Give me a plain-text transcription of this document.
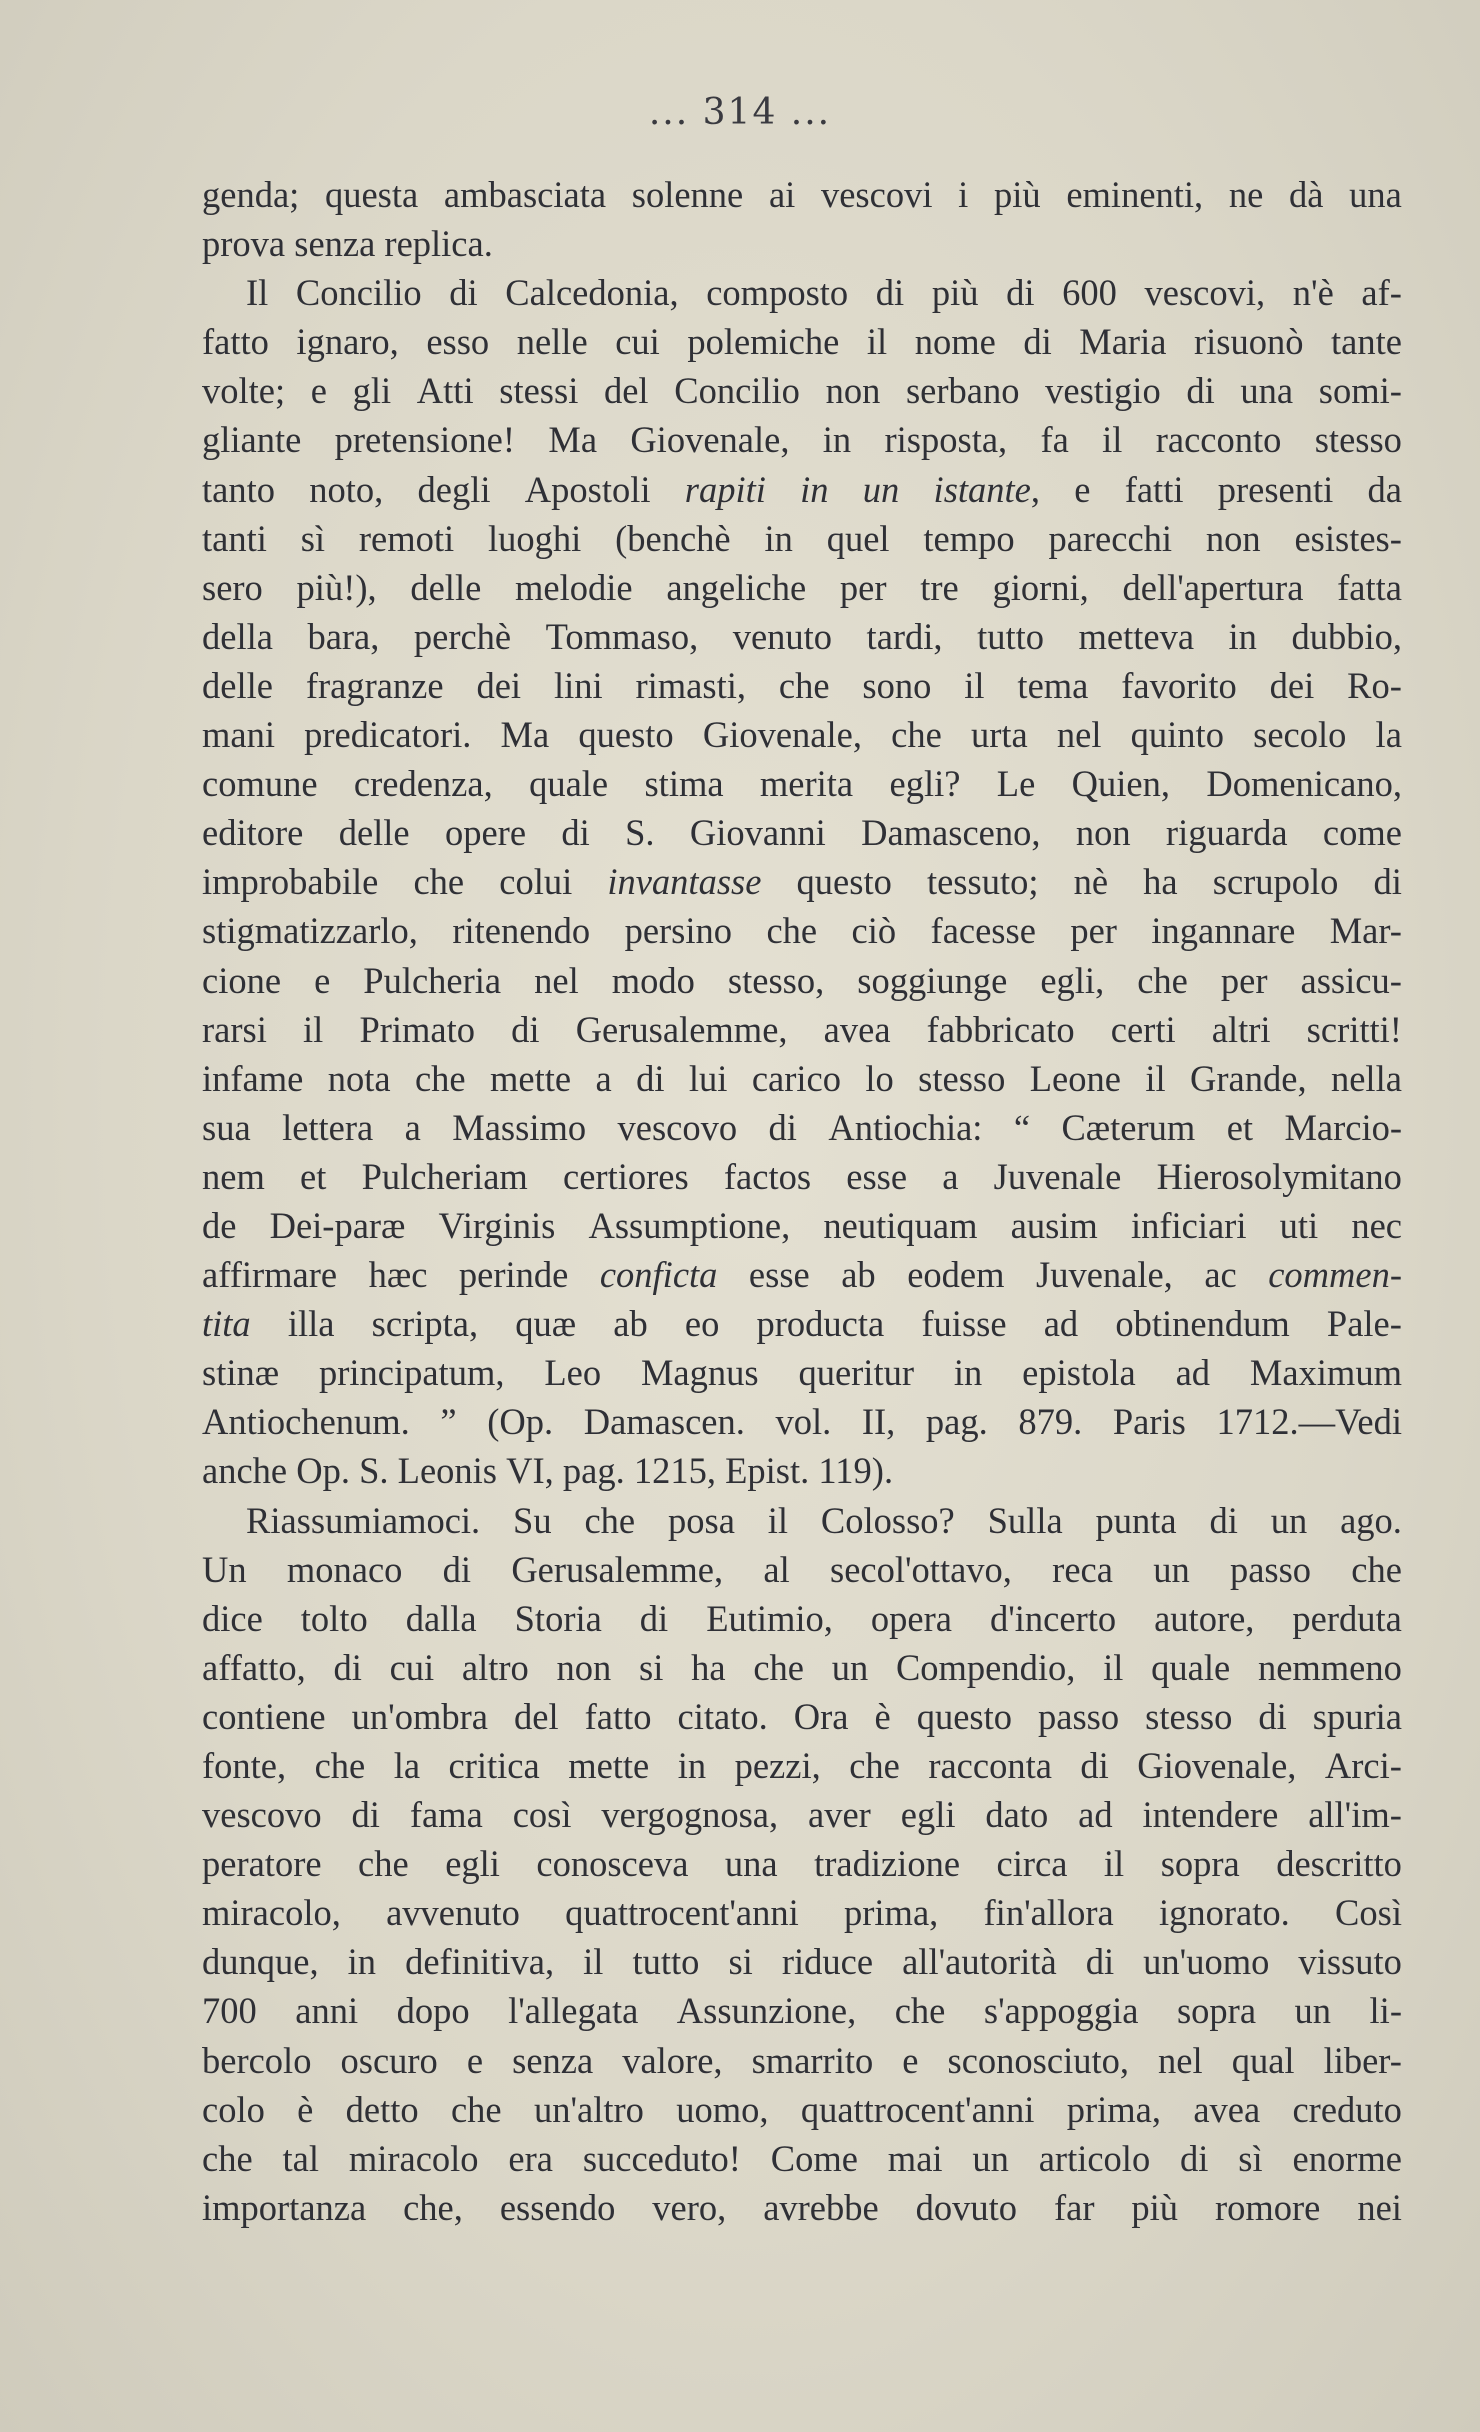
... 314 ...
genda; questa ambasciata solenne ai vescovi i più eminenti, ne dà una
prova senza replica.
Il Concilio di Calcedonia, composto di più di 600 vescovi, n'è af-
fatto ignaro, esso nelle cui polemiche il nome di Maria risuonò tante
volte; e gli Atti stessi del Concilio non serbano vestigio di una somi-
gliante pretensione! Ma Giovenale, in risposta, fa il racconto stesso
tanto noto, degli Apostoli rapiti in un istante, e fatti presenti da
tanti sì remoti luoghi (benchè in quel tempo parecchi non esistes-
sero più!), delle melodie angeliche per tre giorni, dell'apertura fatta
della bara, perchè Tommaso, venuto tardi, tutto metteva in dubbio,
delle fragranze dei lini rimasti, che sono il tema favorito dei Ro-
mani predicatori. Ma questo Giovenale, che urta nel quinto secolo la
comune credenza, quale stima merita egli? Le Quien, Domenicano,
editore delle opere di S. Giovanni Damasceno, non riguarda come
improbabile che colui invantasse questo tessuto; nè ha scrupolo di
stigmatizzarlo, ritenendo persino che ciò facesse per ingannare Mar-
cione e Pulcheria nel modo stesso, soggiunge egli, che per assicu-
rarsi il Primato di Gerusalemme, avea fabbricato certi altri scritti!
infame nota che mette a di lui carico lo stesso Leone il Grande, nella
sua lettera a Massimo vescovo di Antiochia: “ Cæterum et Marcio-
nem et Pulcheriam certiores factos esse a Juvenale Hierosolymitano
de Dei-paræ Virginis Assumptione, neutiquam ausim inficiari uti nec
affirmare hæc perinde conficta esse ab eodem Juvenale, ac commen-
tita illa scripta, quæ ab eo producta fuisse ad obtinendum Pale-
stinæ principatum, Leo Magnus queritur in epistola ad Maximum
Antiochenum. ” (Op. Damascen. vol. II, pag. 879. Paris 1712.—Vedi
anche Op. S. Leonis VI, pag. 1215, Epist. 119).
Riassumiamoci. Su che posa il Colosso? Sulla punta di un ago.
Un monaco di Gerusalemme, al secol'ottavo, reca un passo che
dice tolto dalla Storia di Eutimio, opera d'incerto autore, perduta
affatto, di cui altro non si ha che un Compendio, il quale nemmeno
contiene un'ombra del fatto citato. Ora è questo passo stesso di spuria
fonte, che la critica mette in pezzi, che racconta di Giovenale, Arci-
vescovo di fama così vergognosa, aver egli dato ad intendere all'im-
peratore che egli conosceva una tradizione circa il sopra descritto
miracolo, avvenuto quattrocent'anni prima, fin'allora ignorato. Così
dunque, in definitiva, il tutto si riduce all'autorità di un'uomo vissuto
700 anni dopo l'allegata Assunzione, che s'appoggia sopra un li-
bercolo oscuro e senza valore, smarrito e sconosciuto, nel qual liber-
colo è detto che un'altro uomo, quattrocent'anni prima, avea creduto
che tal miracolo era succeduto! Come mai un articolo di sì enorme
importanza che, essendo vero, avrebbe dovuto far più romore nei
